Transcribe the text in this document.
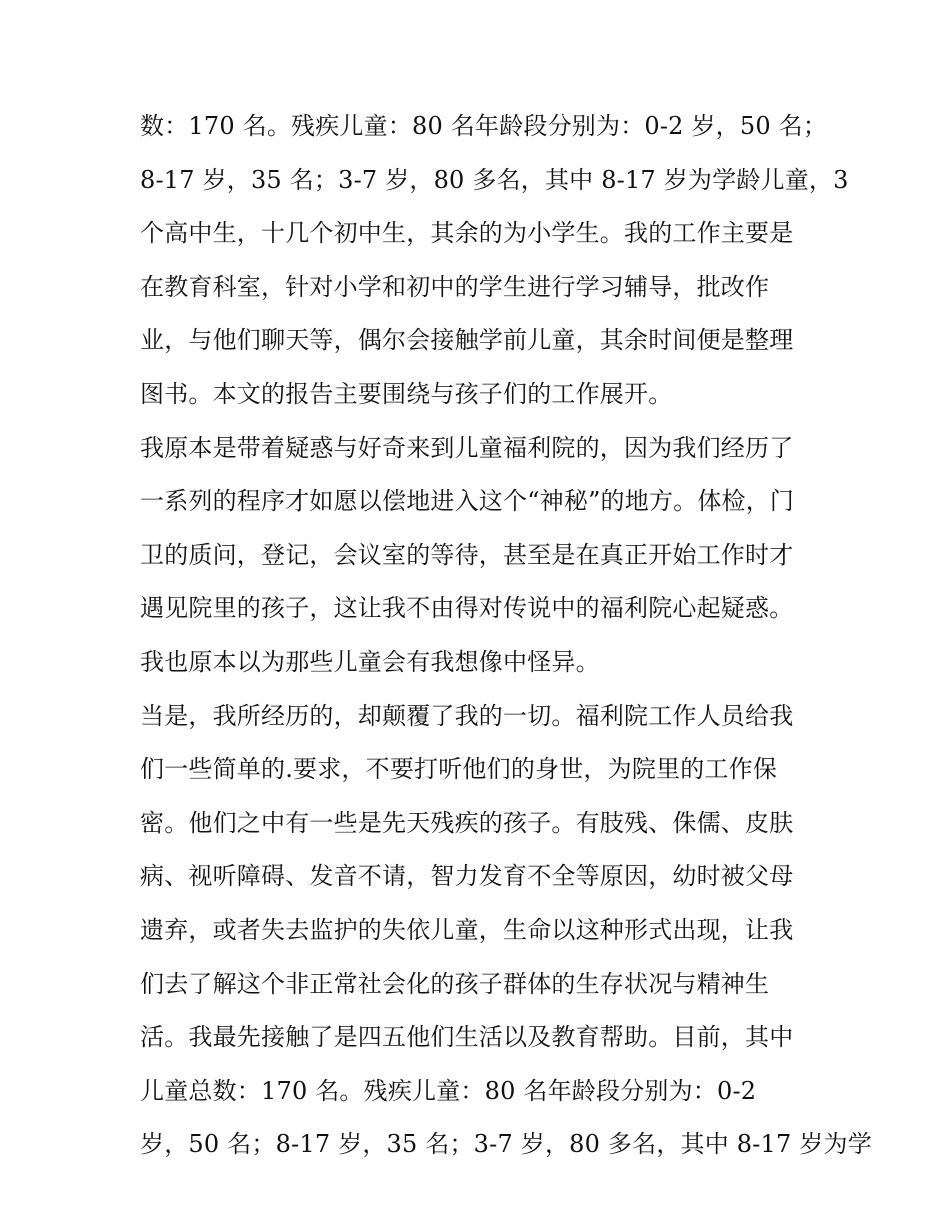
数：170 名。残疾儿童：80 名年龄段分别为：0-2 岁，50 名；
8-17 岁，35 名；3-7 岁，80 多名，其中 8-17 岁为学龄儿童，3
个高中生，十几个初中生，其余的为小学生。我的工作主要是
在教育科室，针对小学和初中的学生进行学习辅导，批改作
业，与他们聊天等，偶尔会接触学前儿童，其余时间便是整理
图书。本文的报告主要围绕与孩子们的工作展开。
我原本是带着疑惑与好奇来到儿童福利院的，因为我们经历了
一系列的程序才如愿以偿地进入这个“神秘”的地方。体检，门
卫的质问，登记，会议室的等待，甚至是在真正开始工作时才
遇见院里的孩子，这让我不由得对传说中的福利院心起疑惑。
我也原本以为那些儿童会有我想像中怪异。
当是，我所经历的，却颠覆了我的一切。福利院工作人员给我
们一些简单的.要求，不要打听他们的身世，为院里的工作保
密。他们之中有一些是先天残疾的孩子。有肢残、侏儒、皮肤
病、视听障碍、发音不请，智力发育不全等原因，幼时被父母
遗弃，或者失去监护的失依儿童，生命以这种形式出现，让我
们去了解这个非正常社会化的孩子群体的生存状况与精神生
活。我最先接触了是四五他们生活以及教育帮助。目前，其中
儿童总数：170 名。残疾儿童：80 名年龄段分别为：0-2
岁，50 名；8-17 岁，35 名；3-7 岁，80 多名，其中 8-17 岁为学
